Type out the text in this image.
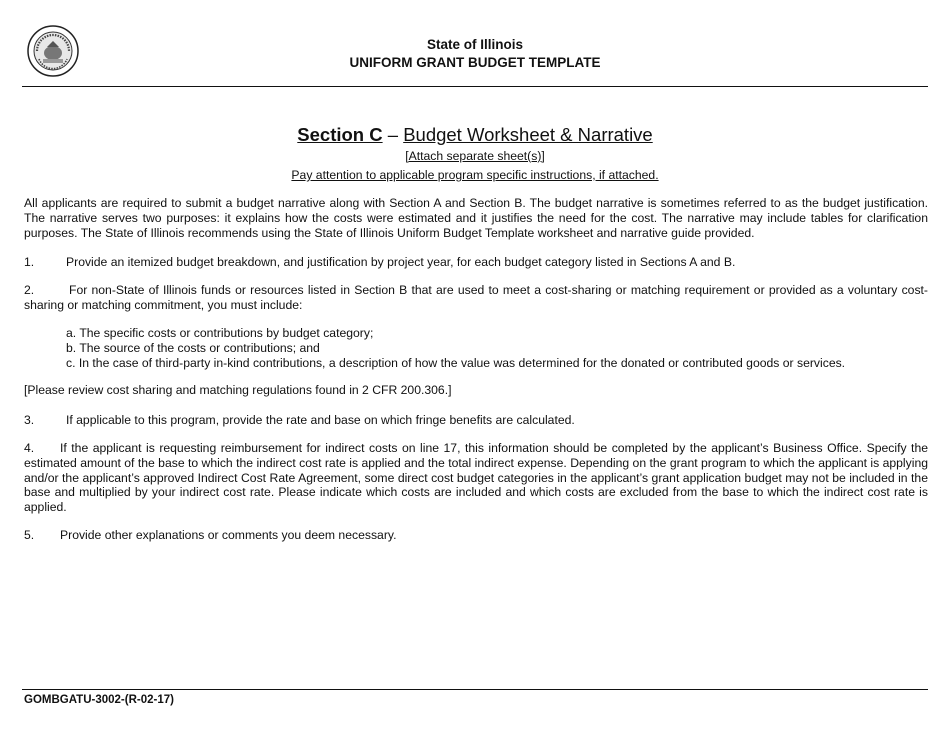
State of Illinois
UNIFORM GRANT BUDGET TEMPLATE
Section C – Budget Worksheet & Narrative
[Attach separate sheet(s)]
Pay attention to applicable program specific instructions, if attached.
All applicants are required to submit a budget narrative along with Section A and Section B. The budget narrative is sometimes referred to as the budget justification. The narrative serves two purposes: it explains how the costs were estimated and it justifies the need for the cost. The narrative may include tables for clarification purposes. The State of Illinois recommends using the State of Illinois Uniform Budget Template worksheet and narrative guide provided.
1.	Provide an itemized budget breakdown, and justification by project year, for each budget category listed in Sections A and B.
2.	For non-State of Illinois funds or resources listed in Section B that are used to meet a cost-sharing or matching requirement or provided as a voluntary cost-sharing or matching commitment, you must include:
a. The specific costs or contributions by budget category;
b. The source of the costs or contributions; and
c. In the case of third-party in-kind contributions, a description of how the value was determined for the donated or contributed goods or services.
[Please review cost sharing and matching regulations found in 2 CFR 200.306.]
3.	If applicable to this program, provide the rate and base on which fringe benefits are calculated.
4. If the applicant is requesting reimbursement for indirect costs on line 17, this information should be completed by the applicant’s Business Office. Specify the estimated amount of the base to which the indirect cost rate is applied and the total indirect expense. Depending on the grant program to which the applicant is applying and/or the applicant’s approved Indirect Cost Rate Agreement, some direct cost budget categories in the applicant’s grant application budget may not be included in the base and multiplied by your indirect cost rate. Please indicate which costs are included and which costs are excluded from the base to which the indirect cost rate is applied.
5. Provide other explanations or comments you deem necessary.
GOMBGATU-3002-(R-02-17)
